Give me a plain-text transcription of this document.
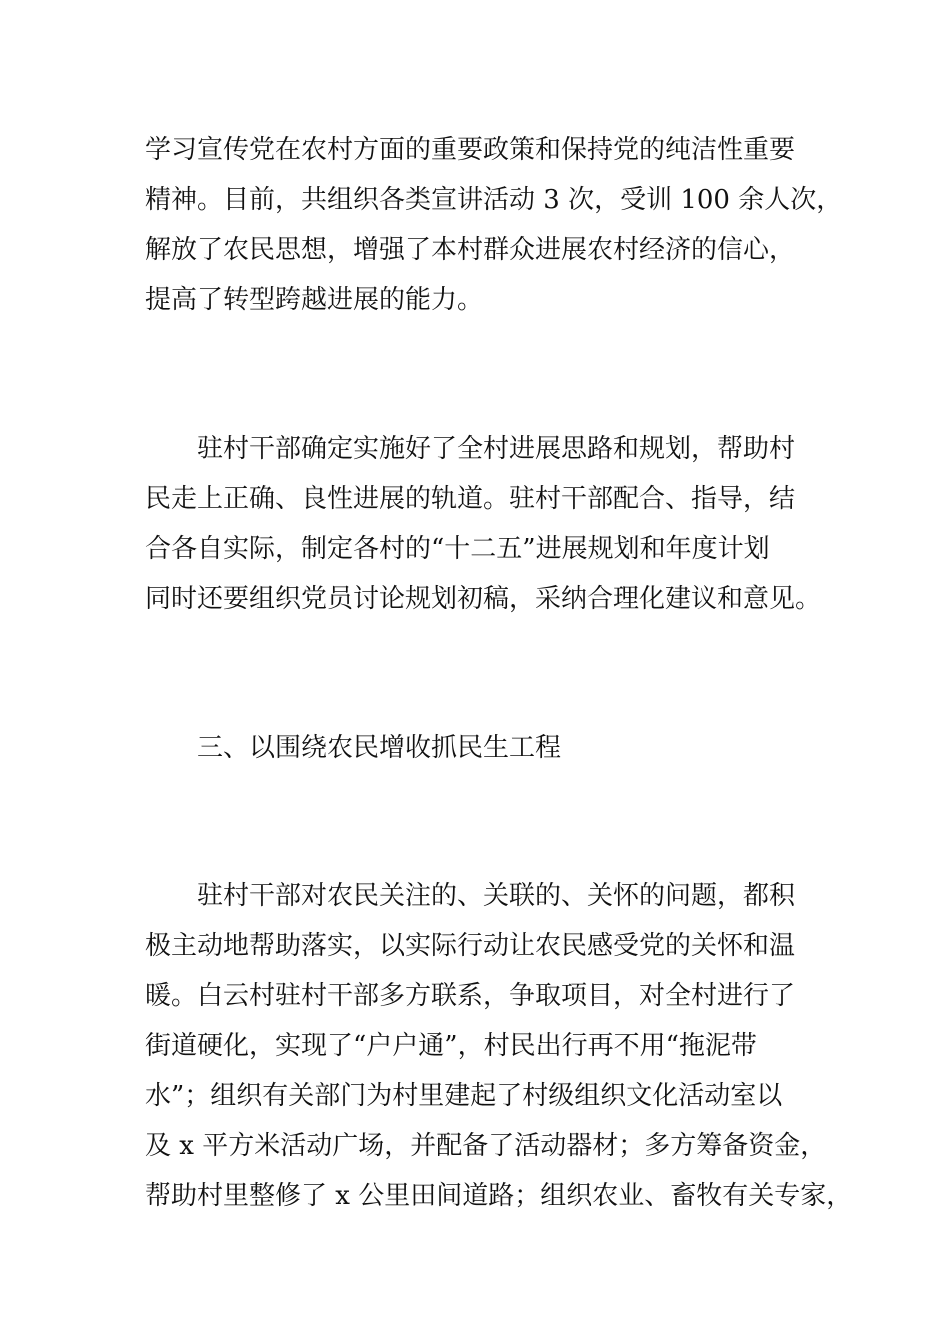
学习宣传党在农村方面的重要政策和保持党的纯洁性重要
精神。目前，共组织各类宣讲活动 3 次，受训 100 余人次，
解放了农民思想，增强了本村群众进展农村经济的信心，
提高了转型跨越进展的能力。
驻村干部确定实施好了全村进展思路和规划，帮助村
民走上正确、良性进展的轨道。驻村干部配合、指导，结
合各自实际，制定各村的“十二五”进展规划和年度计划
同时还要组织党员讨论规划初稿，采纳合理化建议和意见。
三、以围绕农民增收抓民生工程
驻村干部对农民关注的、关联的、关怀的问题，都积
极主动地帮助落实，以实际行动让农民感受党的关怀和温
暖。白云村驻村干部多方联系，争取项目，对全村进行了
街道硬化，实现了“户户通”，村民出行再不用“拖泥带
水”；组织有关部门为村里建起了村级组织文化活动室以
及 x 平方米活动广场，并配备了活动器材；多方筹备资金，
帮助村里整修了 x 公里田间道路；组织农业、畜牧有关专家，
